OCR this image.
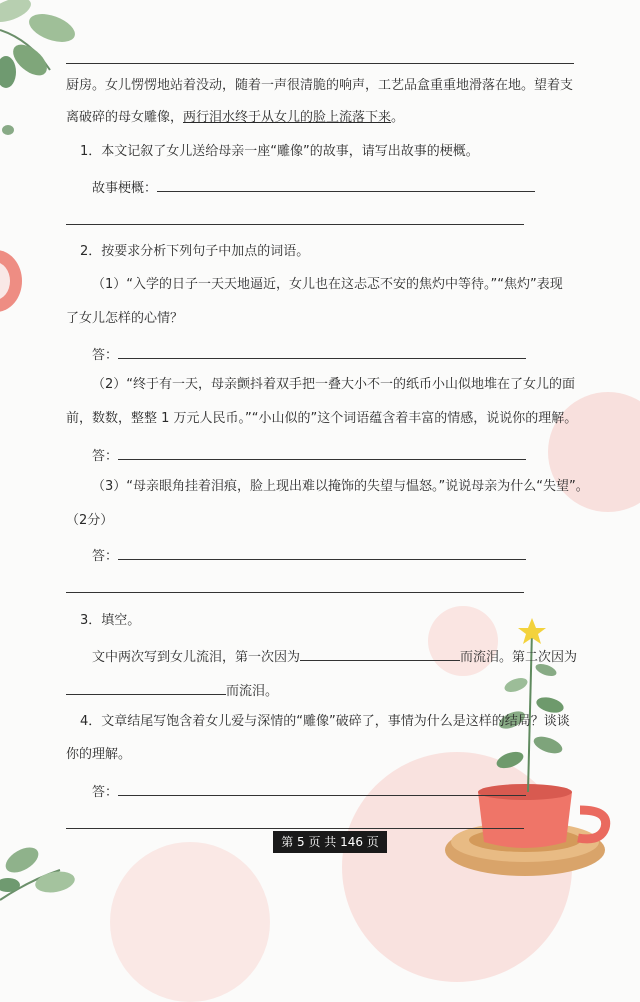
厨房。女儿愣愣地站着没动，随着一声很清脆的响声，工艺品盒重重地滑落在地。望着支
离破碎的母女雕像，两行泪水终于从女儿的脸上流落下来。
1．本文记叙了女儿送给母亲一座“雕像”的故事，请写出故事的梗概。
故事梗概：
2．按要求分析下列句子中加点的词语。
（1）“入学的日子一天天地逼近，女儿也在这忐忑不安的焦灼中等待。”“焦灼”表现
了女儿怎样的心情？
答：
（2）“终于有一天，母亲颤抖着双手把一叠大小不一的纸币小山似地堆在了女儿的面
前，数数，整整 1 万元人民币。”“小山似的”这个词语蕴含着丰富的情感，说说你的理解。
答：
（3）“母亲眼角挂着泪痕，脸上现出难以掩饰的失望与愠怒。”说说母亲为什么“失望”。
（2分）
答：
3．填空。
文中两次写到女儿流泪，第一次因为	而流泪。第二次因为
而流泪。
4．文章结尾写饱含着女儿爱与深情的“雕像”破碎了，事情为什么是这样的结局？谈谈
你的理解。
答：
第 5 页 共 146 页
